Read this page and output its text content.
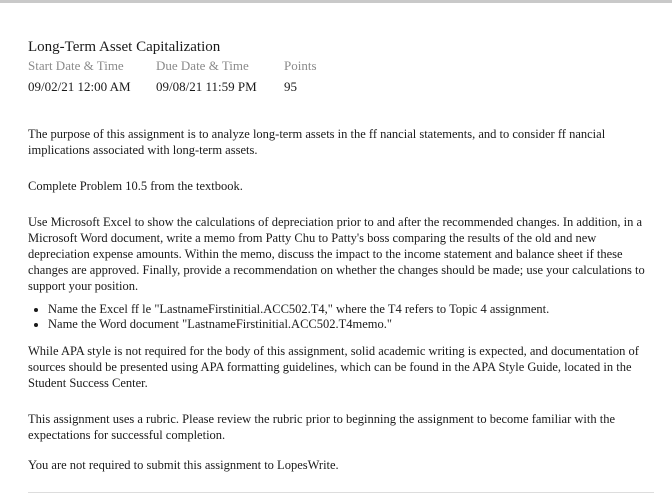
Long-Term Asset Capitalization
Start Date & Time	Due Date & Time	Points
09/02/21 12:00 AM	09/08/21 11:59 PM	95

The purpose of this assignment is to analyze long-term assets in the ff nancial statements, and to consider ff nancial implications associated with long-term assets.

Complete Problem 10.5 from the textbook.

Use Microsoft Excel to show the calculations of depreciation prior to and after the recommended changes. In addition, in a Microsoft Word document, write a memo from Patty Chu to Patty's boss comparing the results of the old and new depreciation expense amounts. Within the memo, discuss the impact to the income statement and balance sheet if these changes are approved. Finally, provide a recommendation on whether the changes should be made; use your calculations to support your position.

• Name the Excel ff le "LastnameFirstinitial.ACC502.T4," where the T4 refers to Topic 4 assignment.
• Name the Word document "LastnameFirstinitial.ACC502.T4memo."

While APA style is not required for the body of this assignment, solid academic writing is expected, and documentation of sources should be presented using APA formatting guidelines, which can be found in the APA Style Guide, located in the Student Success Center.

This assignment uses a rubric. Please review the rubric prior to beginning the assignment to become familiar with the expectations for successful completion.

You are not required to submit this assignment to LopesWrite.
